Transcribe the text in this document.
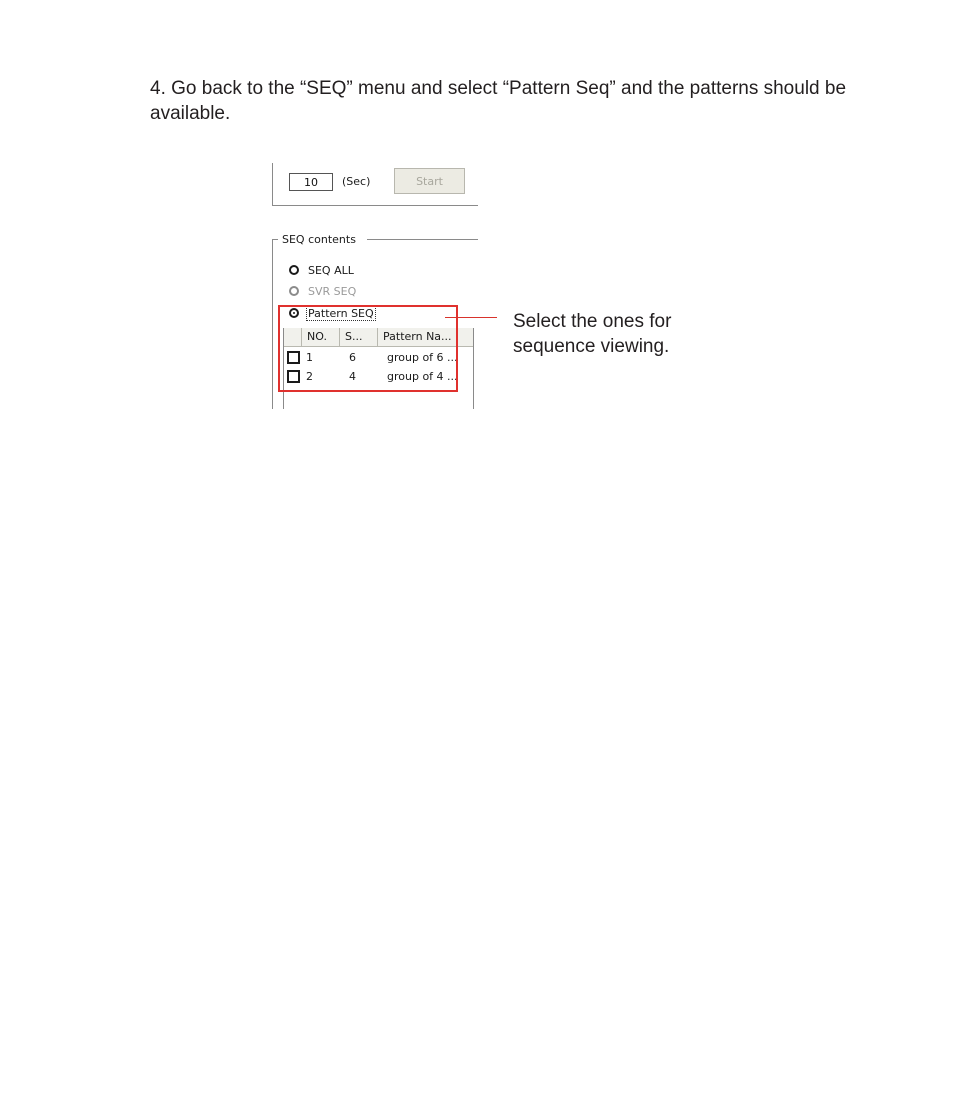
4. Go back to the “SEQ” menu and select “Pattern Seq” and the patterns should be available.

10
(Sec)	Start
SEQ contents
SEQ ALL
SVR SEQ
Pattern SEQ
NO.	S...	Pattern Na...
1	6	group of 6 ...
2	4	group of 4 ...

Select the ones for sequence viewing.
